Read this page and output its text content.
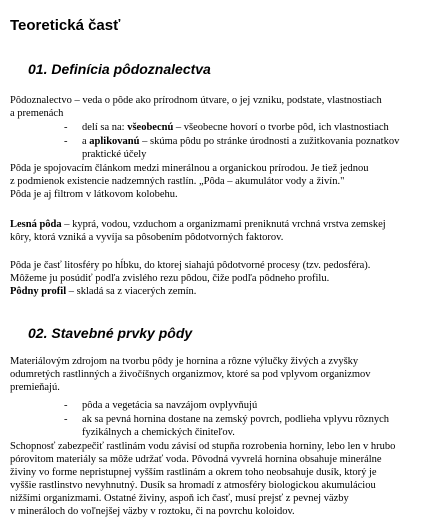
Teoretická časť
01. Definícia pôdoznalectva
Pôdoznalectvo – veda o pôde ako prírodnom útvare, o jej vzniku, podstate, vlastnostiach
a premenách
- delí sa na: všeobecnú – všeobecne hovorí o tvorbe pôd, ich vlastnostiach
- a aplikovanú – skúma pôdu po stránke úrodnosti a zužitkovania poznatkov
praktické účely
Pôda je spojovacím článkom medzi minerálnou a organickou prírodou. Je tiež jednou
z podmienok existencie nadzemných rastlín. „Pôda – akumulátor vody a živín."
Pôda je aj filtrom v látkovom kolobehu.
Lesná pôda – kyprá, vodou, vzduchom a organizmami preniknutá vrchná vrstva zemskej
kôry, ktorá vzniká a vyvíja sa pôsobením pôdotvorných faktorov.
Pôda je časť litosféry po hĺbku, do ktorej siahajú pôdotvorné procesy (tzv. pedosféra).
Môžeme ju posúdiť podľa zvislého rezu pôdou, čiže podľa pôdneho profilu.
Pôdny profil – skladá sa z viacerých zemín.
02. Stavebné prvky pôdy
Materiálovým zdrojom na tvorbu pôdy je hornina a rôzne výlučky živých a zvyšky
odumretých rastlinných a živočíšnych organizmov, ktoré sa pod vplyvom organizmov
premieňajú.
- pôda a vegetácia sa navzájom ovplyvňujú
- ak sa pevná hornina dostane na zemský povrch, podlieha vplyvu rôznych
fyzikálnych a chemických činiteľov.
Schopnosť zabezpečiť rastlinám vodu závisí od stupňa rozrobenia horniny, lebo len v hrubo
pórovitom materiály sa môže udržať voda. Pôvodná vyvrelá hornina obsahuje minerálne
živiny vo forme nepristupnej vyšším rastlinám a okrem toho neobsahuje dusík, ktorý je
vyššie rastlinstvo nevyhnutný. Dusík sa hromadí z atmosféry biologickou akumuláciou
nižšími organizmami. Ostatné živiny, aspoň ich časť, musí prejsť z pevnej väzby
v mineráloch do voľnejšej väzby v roztoku, či na povrchu koloidov.
